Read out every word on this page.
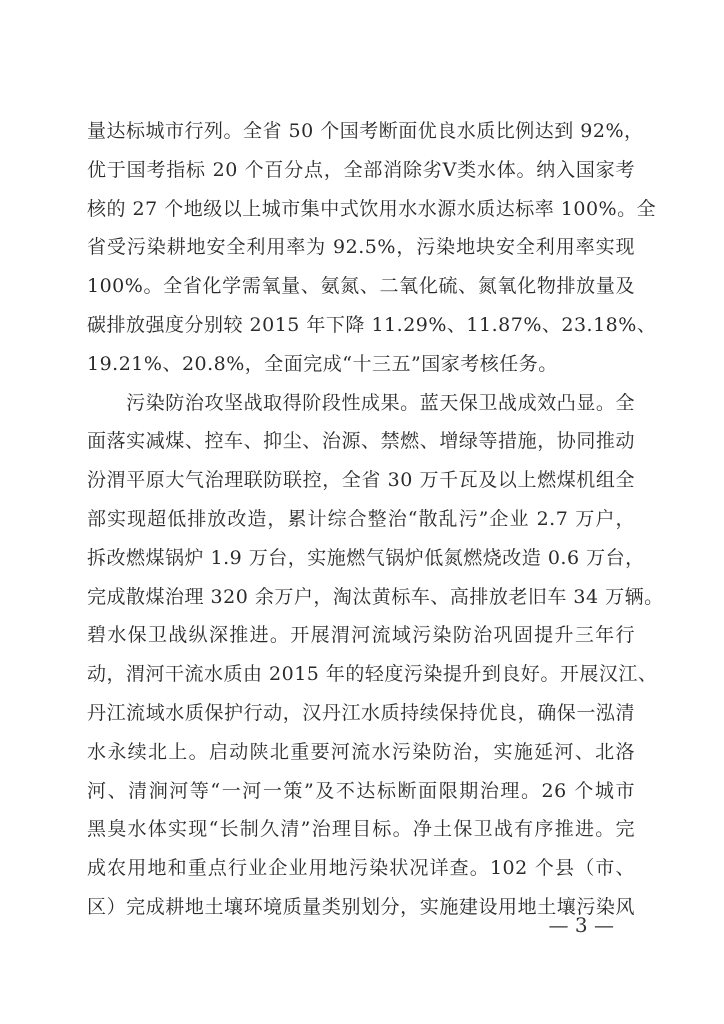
量达标城市行列。全省 50 个国考断面优良水质比例达到 92%，
优于国考指标 20 个百分点，全部消除劣Ⅴ类水体。纳入国家考
核的 27 个地级以上城市集中式饮用水水源水质达标率 100%。全
省受污染耕地安全利用率为 92.5%，污染地块安全利用率实现
100%。全省化学需氧量、氨氮、二氧化硫、氮氧化物排放量及
碳排放强度分别较 2015 年下降 11.29%、11.87%、23.18%、
19.21%、20.8%，全面完成“十三五”国家考核任务。
　　污染防治攻坚战取得阶段性成果。蓝天保卫战成效凸显。全
面落实减煤、控车、抑尘、治源、禁燃、增绿等措施，协同推动
汾渭平原大气治理联防联控，全省 30 万千瓦及以上燃煤机组全
部实现超低排放改造，累计综合整治“散乱污”企业 2.7 万户，
拆改燃煤锅炉 1.9 万台，实施燃气锅炉低氮燃烧改造 0.6 万台，
完成散煤治理 320 余万户，淘汰黄标车、高排放老旧车 34 万辆。
碧水保卫战纵深推进。开展渭河流域污染防治巩固提升三年行
动，渭河干流水质由 2015 年的轻度污染提升到良好。开展汉江、
丹江流域水质保护行动，汉丹江水质持续保持优良，确保一泓清
水永续北上。启动陕北重要河流水污染防治，实施延河、北洛
河、清涧河等“一河一策”及不达标断面限期治理。26 个城市
黑臭水体实现“长制久清”治理目标。净土保卫战有序推进。完
成农用地和重点行业企业用地污染状况详查。102 个县（市、
区）完成耕地土壤环境质量类别划分，实施建设用地土壤污染风
— 3 —
